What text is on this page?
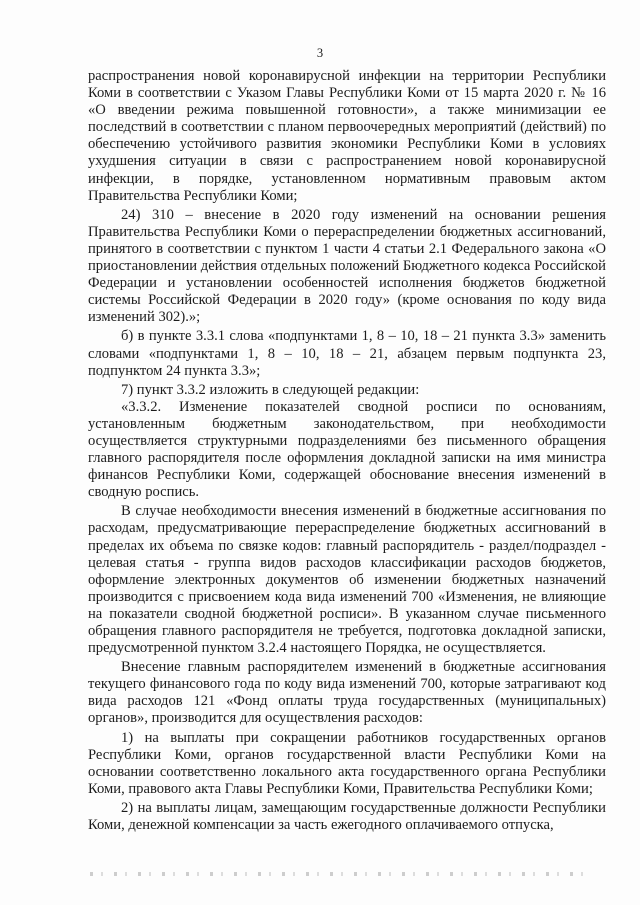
3

распространения новой коронавирусной инфекции на территории Республики Коми в соответствии с Указом Главы Республики Коми от 15 марта 2020 г. № 16 «О введении режима повышенной готовности», а также минимизации ее последствий в соответствии с планом первоочередных мероприятий (действий) по обеспечению устойчивого развития экономики Республики Коми в условиях ухудшения ситуации в связи с распространением новой коронавирусной инфекции, в порядке, установленном нормативным правовым актом Правительства Республики Коми;

24) 310 – внесение в 2020 году изменений на основании решения Правительства Республики Коми о перераспределении бюджетных ассигнований, принятого в соответствии с пунктом 1 части 4 статьи 2.1 Федерального закона «О приостановлении действия отдельных положений Бюджетного кодекса Российской Федерации и установлении особенностей исполнения бюджетов бюджетной системы Российской Федерации в 2020 году» (кроме основания по коду вида изменений 302).»;

б) в пункте 3.3.1 слова «подпунктами 1, 8 – 10, 18 – 21 пункта 3.3» заменить словами «подпунктами 1, 8 – 10, 18 – 21, абзацем первым подпункта 23, подпунктом 24 пункта 3.3»;

7) пункт 3.3.2 изложить в следующей редакции:

«3.3.2. Изменение показателей сводной росписи по основаниям, установленным бюджетным законодательством, при необходимости осуществляется структурными подразделениями без письменного обращения главного распорядителя после оформления докладной записки на имя министра финансов Республики Коми, содержащей обоснование внесения изменений в сводную роспись.

В случае необходимости внесения изменений в бюджетные ассигнования по расходам, предусматривающие перераспределение бюджетных ассигнований в пределах их объема по связке кодов: главный распорядитель - раздел/подраздел - целевая статья - группа видов расходов классификации расходов бюджетов, оформление электронных документов об изменении бюджетных назначений производится с присвоением кода вида изменений 700 «Изменения, не влияющие на показатели сводной бюджетной росписи». В указанном случае письменного обращения главного распорядителя не требуется, подготовка докладной записки, предусмотренной пунктом 3.2.4 настоящего Порядка, не осуществляется.

Внесение главным распорядителем изменений в бюджетные ассигнования текущего финансового года по коду вида изменений 700, которые затрагивают код вида расходов 121 «Фонд оплаты труда государственных (муниципальных) органов», производится для осуществления расходов:

1) на выплаты при сокращении работников государственных органов Республики Коми, органов государственной власти Республики Коми на основании соответственно локального акта государственного органа Республики Коми, правового акта Главы Республики Коми, Правительства Республики Коми;

2) на выплаты лицам, замещающим государственные должности Республики Коми, денежной компенсации за часть ежегодного оплачиваемого отпуска,
